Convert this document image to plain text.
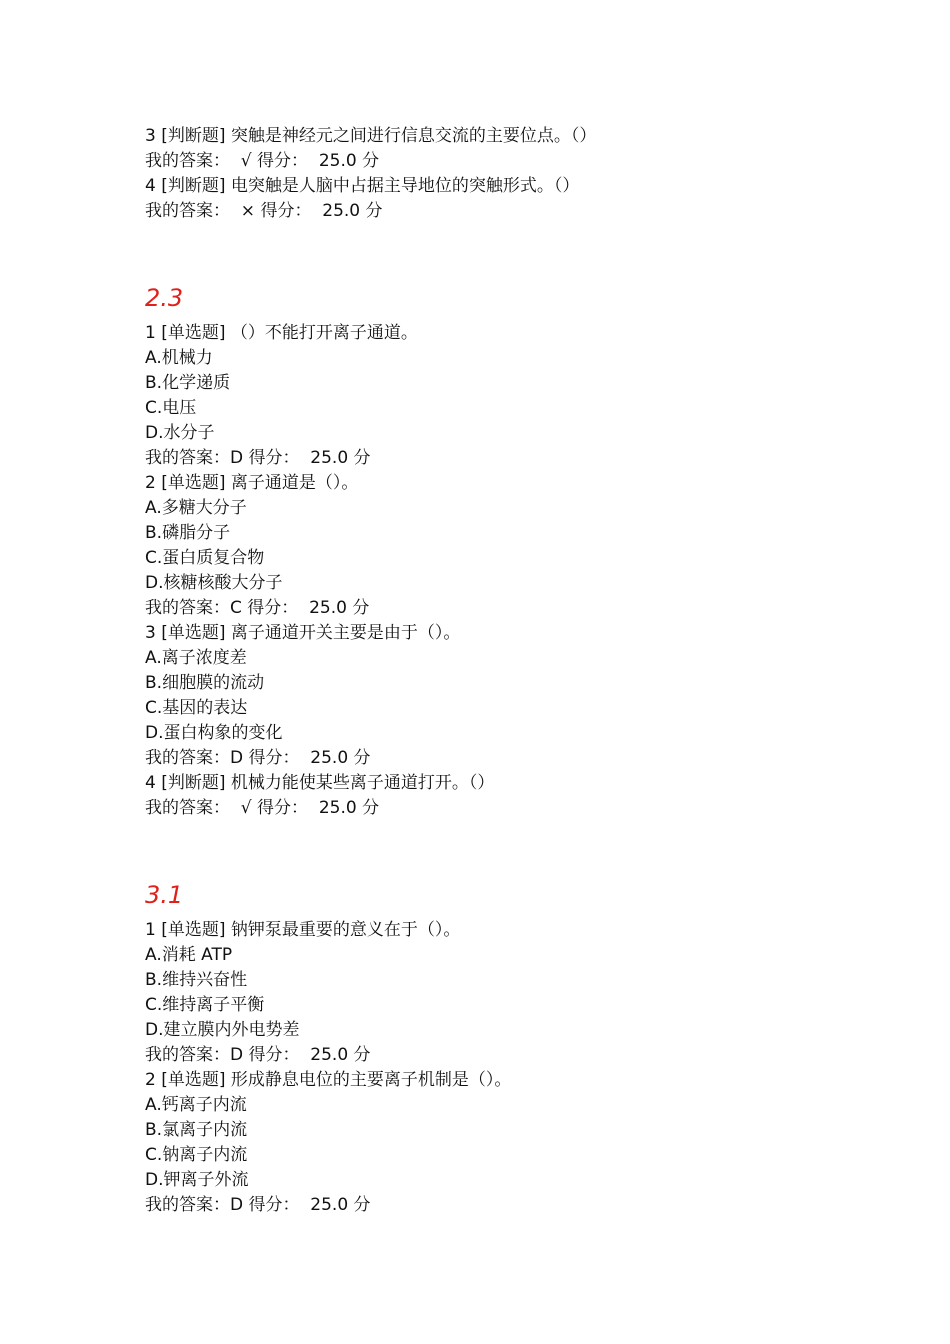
3 [判断题] 突触是神经元之间进行信息交流的主要位点。（）
我的答案：  √ 得分：  25.0 分
4 [判断题] 电突触是人脑中占据主导地位的突触形式。（）
我的答案：  × 得分：  25.0 分
2.3
1 [单选题] （）不能打开离子通道。
A.机械力
B.化学递质
C.电压
D.水分子
我的答案：D 得分：  25.0 分
2 [单选题] 离子通道是（）。
A.多糖大分子
B.磷脂分子
C.蛋白质复合物
D.核糖核酸大分子
我的答案：C 得分：  25.0 分
3 [单选题] 离子通道开关主要是由于（）。
A.离子浓度差
B.细胞膜的流动
C.基因的表达
D.蛋白构象的变化
我的答案：D 得分：  25.0 分
4 [判断题] 机械力能使某些离子通道打开。（）
我的答案：  √ 得分：  25.0 分
3.1
1 [单选题] 钠钾泵最重要的意义在于（）。
A.消耗 ATP
B.维持兴奋性
C.维持离子平衡
D.建立膜内外电势差
我的答案：D 得分：  25.0 分
2 [单选题] 形成静息电位的主要离子机制是（）。
A.钙离子内流
B.氯离子内流
C.钠离子内流
D.钾离子外流
我的答案：D 得分：  25.0 分
